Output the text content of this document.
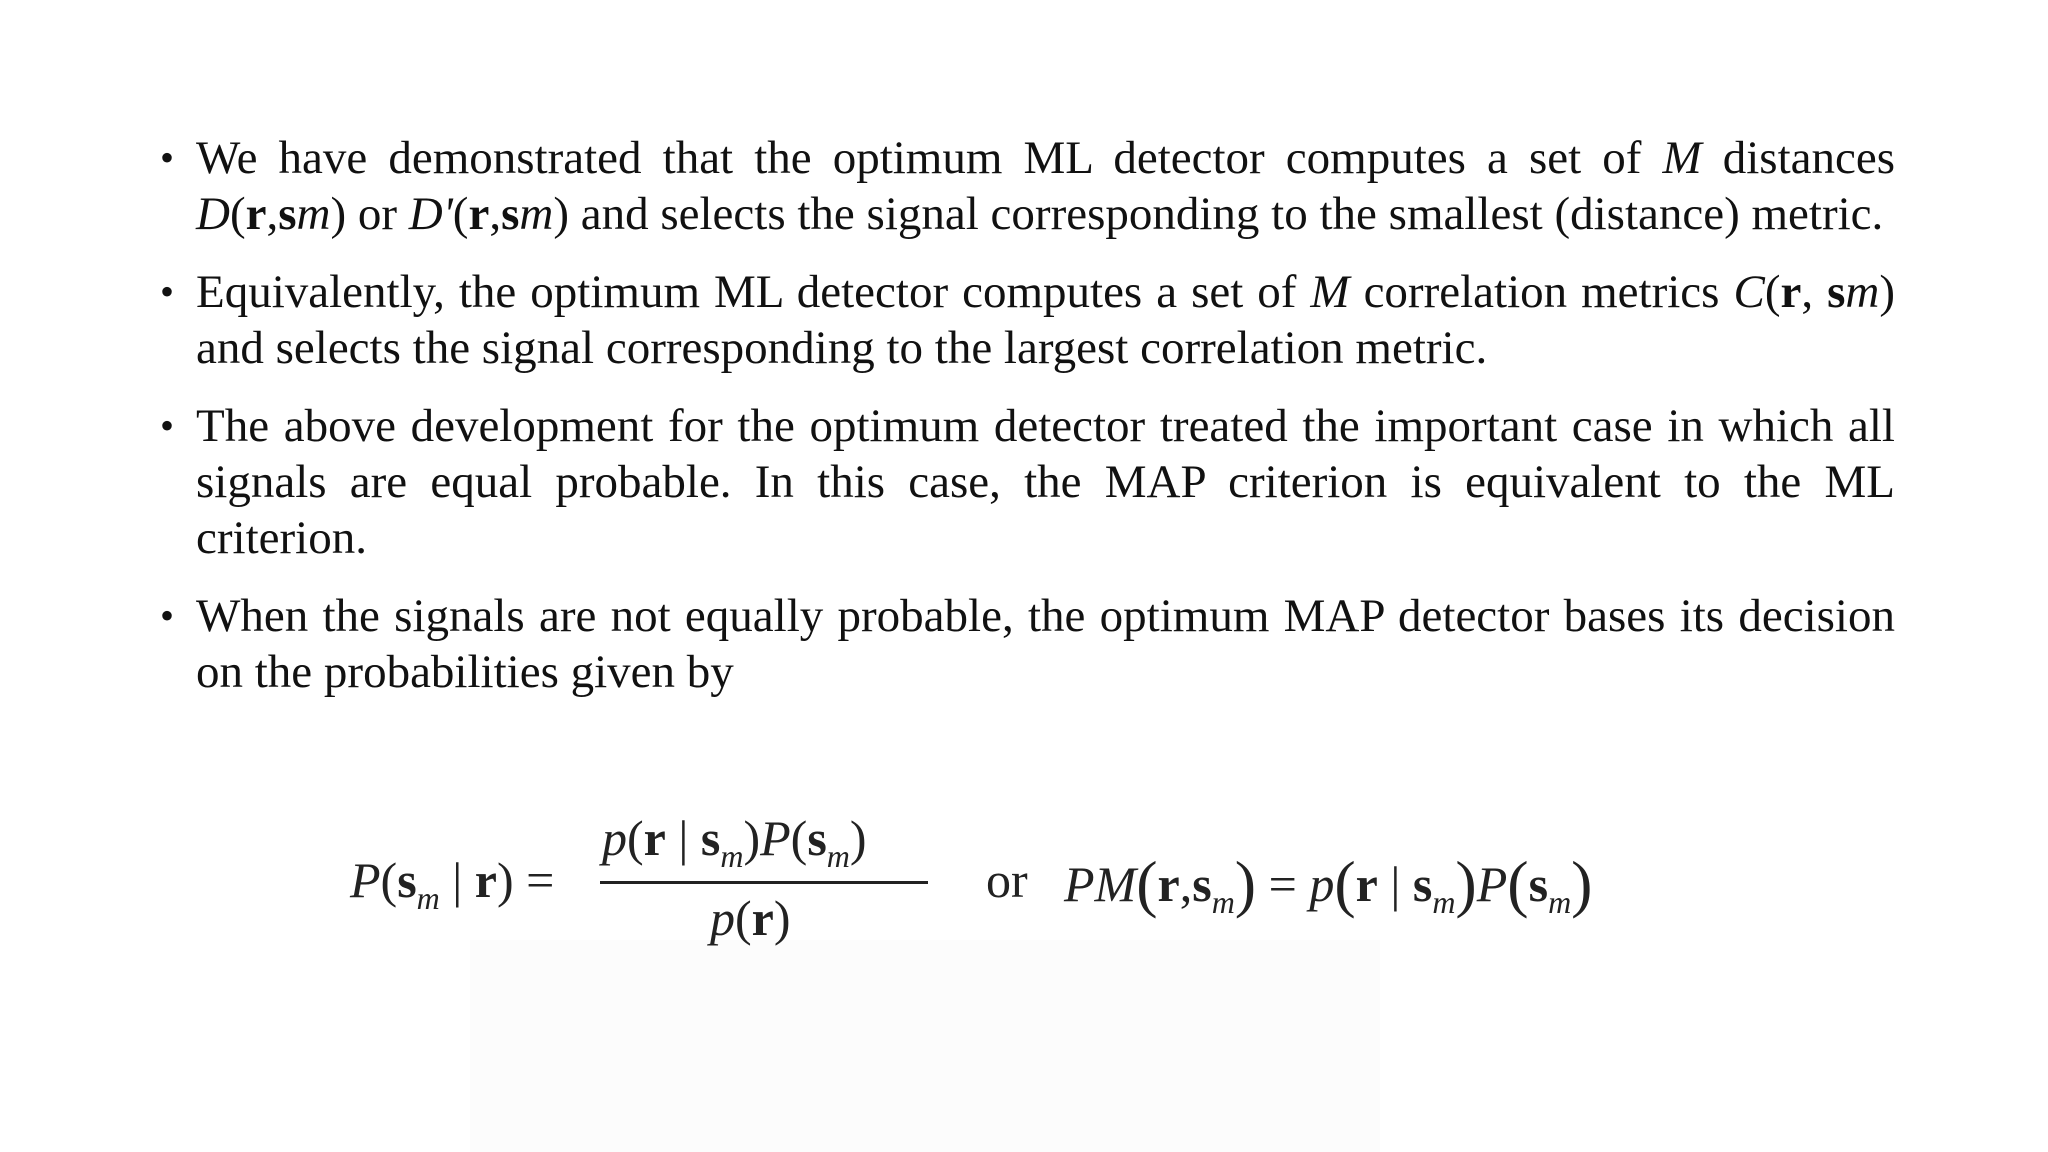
• We have demonstrated that the optimum ML detector computes a set of M distances D(r,sm) or D'(r,sm) and selects the signal corresponding to the smallest (distance) metric.
• Equivalently, the optimum ML detector computes a set of M correlation metrics C(r, sm) and selects the signal corresponding to the largest correlation metric.
• The above development for the optimum detector treated the important case in which all signals are equal probable. In this case, the MAP criterion is equivalent to the ML criterion.
• When the signals are not equally probable, the optimum MAP detector bases its decision on the probabilities given by
$P(s_m$ | r) =
p(r | $s_m)P(s_m)$
p(r)
or $PM(r,s_m) = p(r$ | $s_m)P(s_m)$
